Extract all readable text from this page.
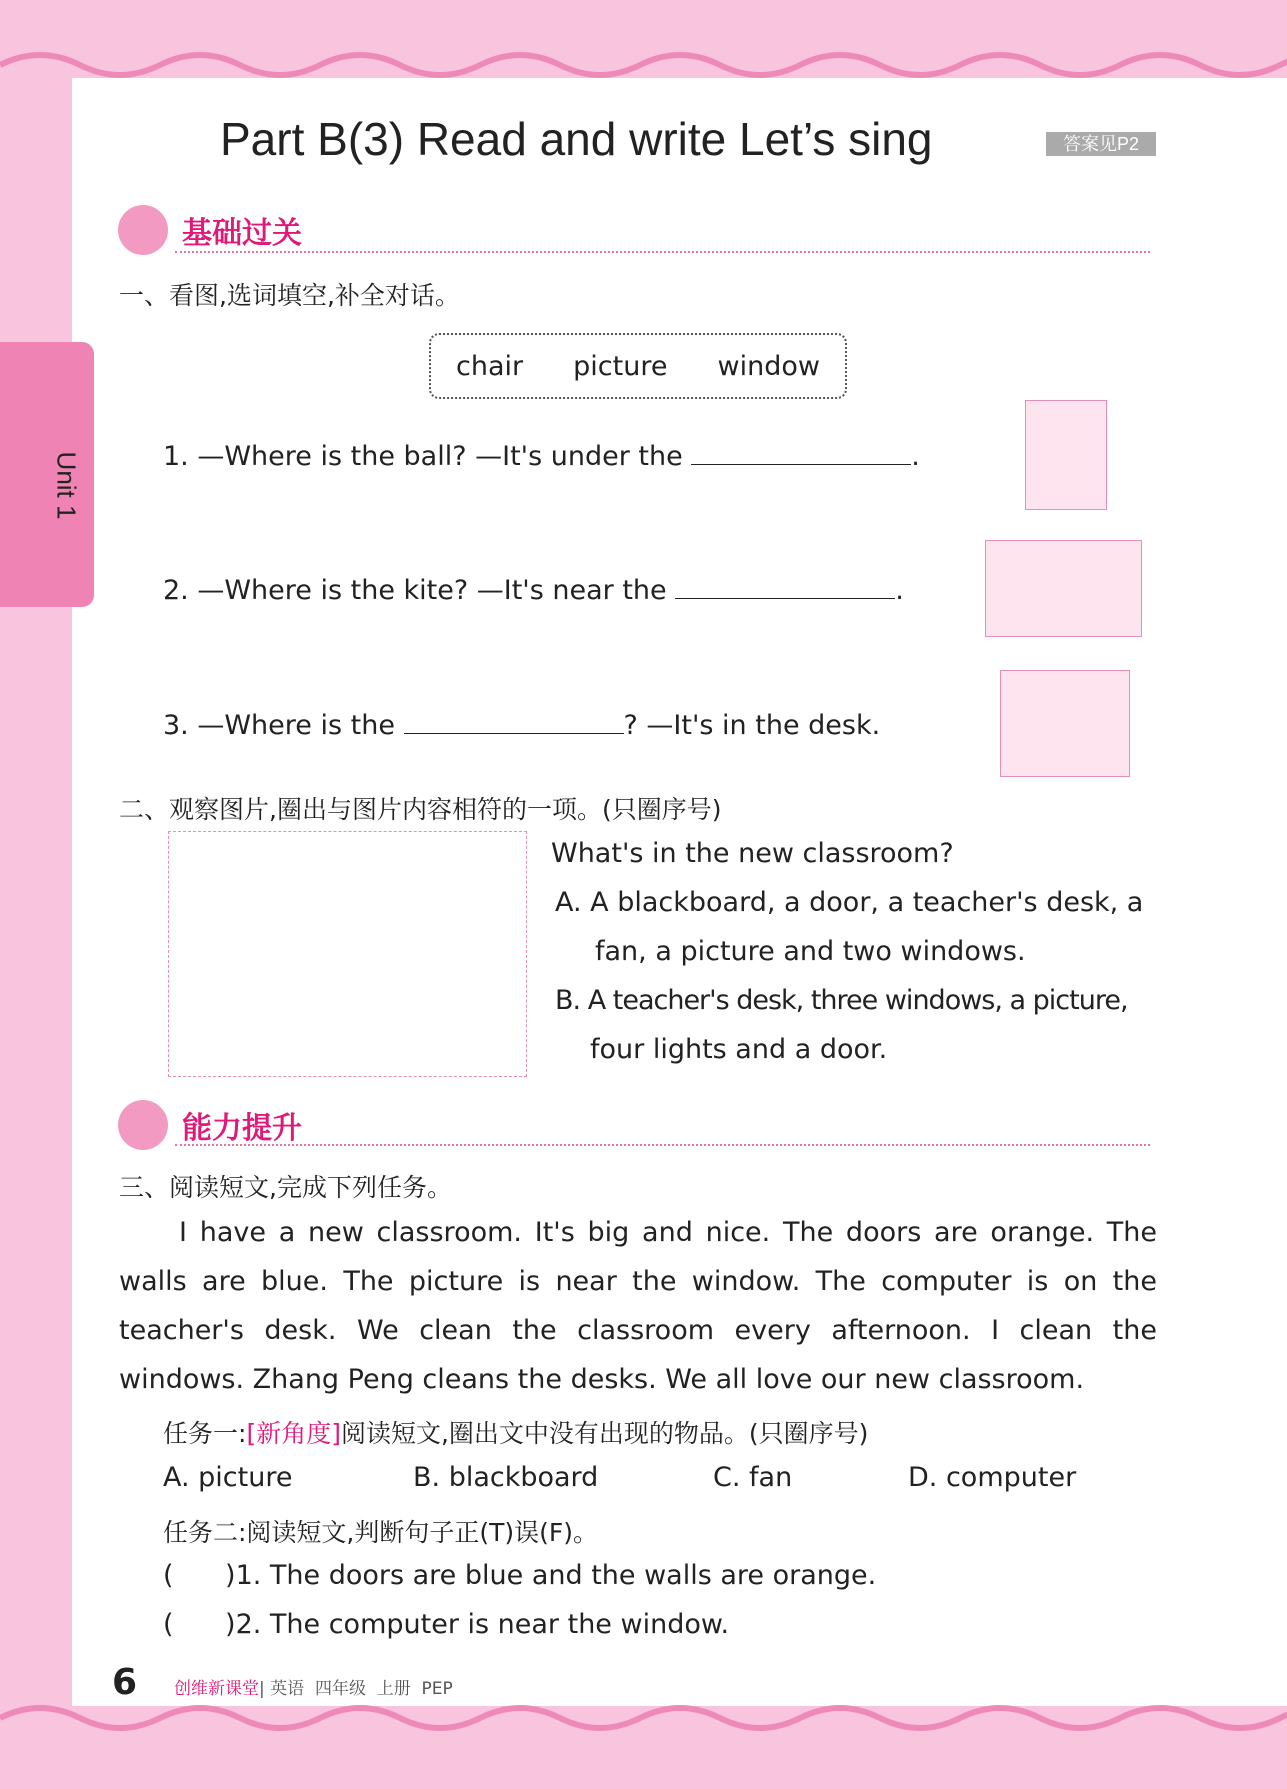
Unit 1
Part B(3) Read and write Let’s sing	答案见P2
基础过关
一、看图,选词填空,补全对话。
chair picture window
1. —Where is the ball? —It's under the	.
2. —Where is the kite? —It's near the	.
3. —Where is the	? —It's in the desk.
二、观察图片,圈出与图片内容相符的一项。(只圈序号)
What's in the new classroom?
A. A blackboard, a door, a teacher's desk, a
fan, a picture and two windows.
B. A teacher's desk, three windows, a picture,
four lights and a door.
能力提升
三、阅读短文,完成下列任务。
I have a new classroom. It's big and nice. The doors are orange. The walls are blue. The picture is near the window. The computer is on the teacher's desk. We clean the classroom every afternoon. I clean the windows. Zhang Peng cleans the desks. We all love our new classroom.
任务一:[新角度]阅读短文,圈出文中没有出现的物品。(只圈序号)
A. picture	B. blackboard	C. fan	D. computer
任务二:阅读短文,判断句子正(T)误(F)。
(      )1. The doors are blue and the walls are orange.
(      )2. The computer is near the window.
6 创维新课堂| 英语  四年级  上册  PEP
